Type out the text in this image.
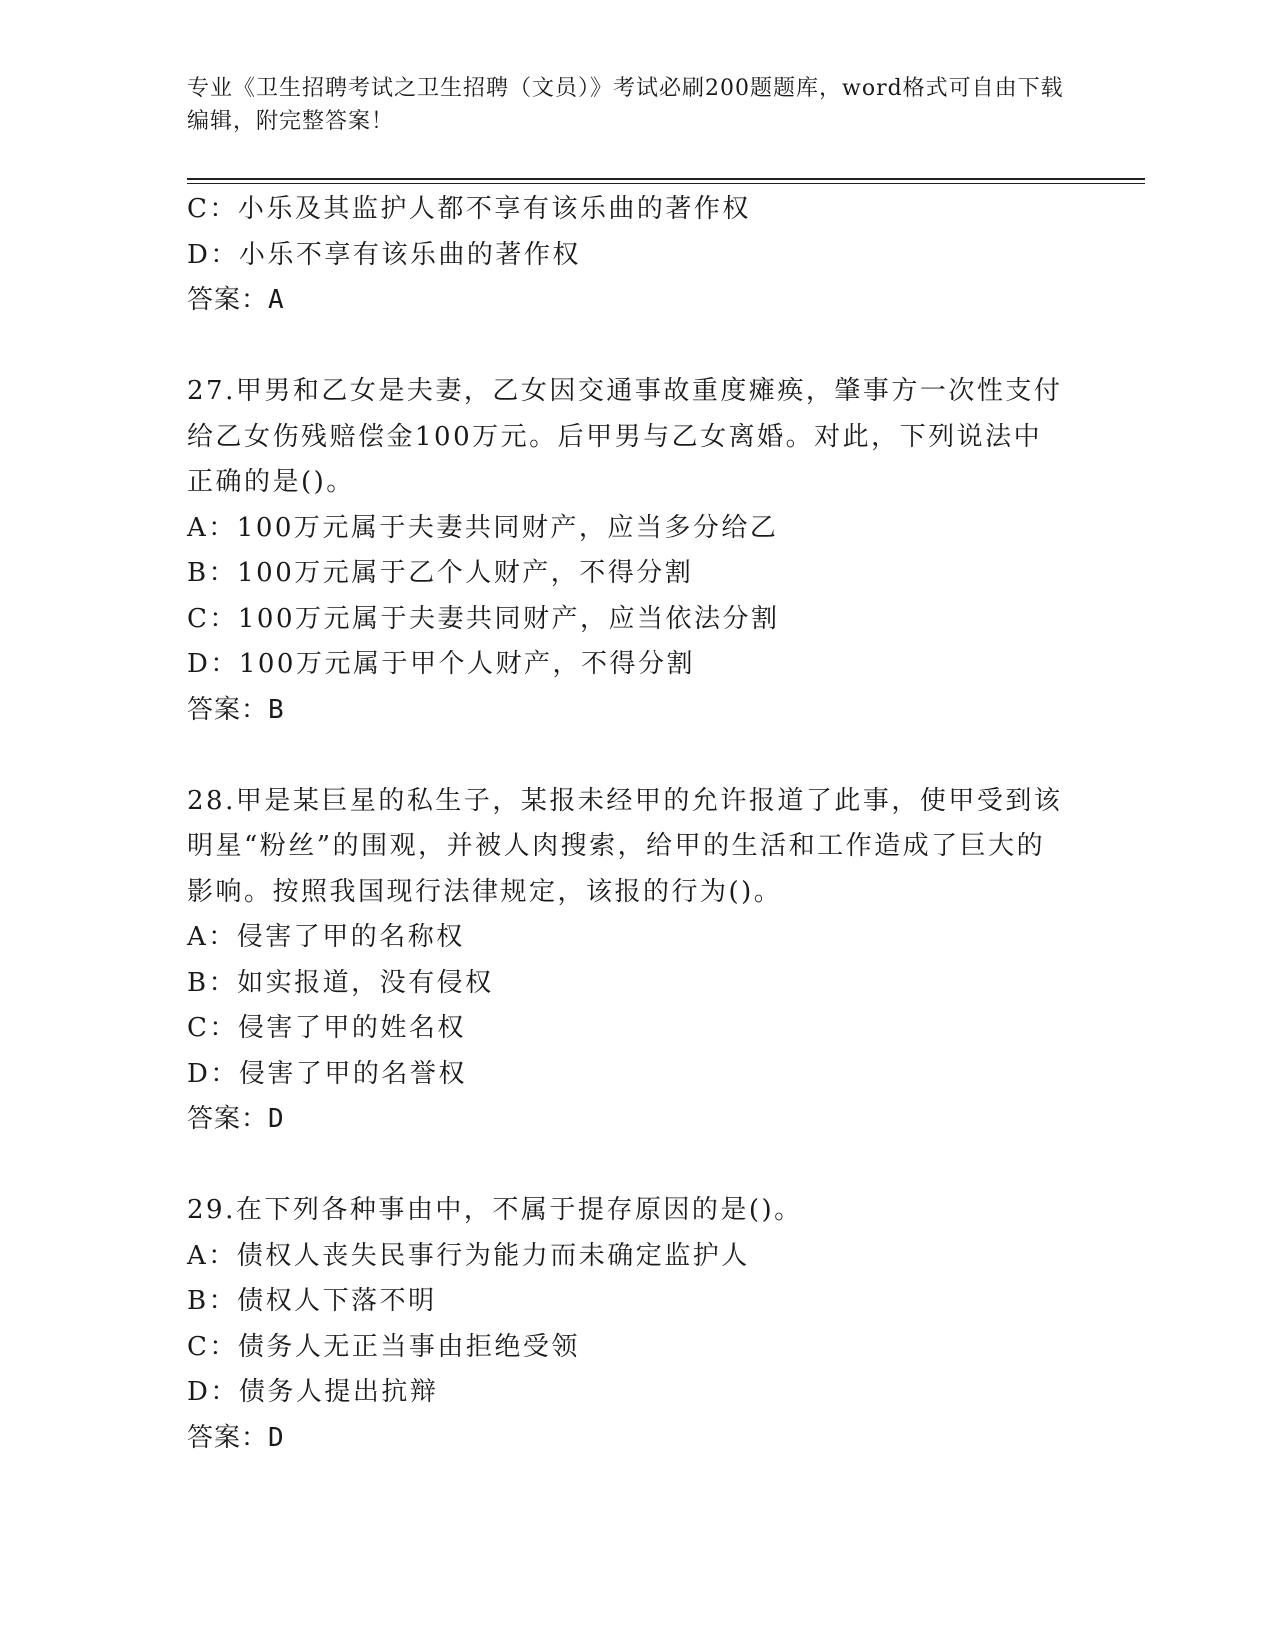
专业《卫生招聘考试之卫生招聘（文员）》考试必刷200题题库，word格式可自由下载编辑，附完整答案！
C：小乐及其监护人都不享有该乐曲的著作权
D：小乐不享有该乐曲的著作权
答案：A
27.甲男和乙女是夫妻，乙女因交通事故重度瘫痪，肇事方一次性支付给乙女伤残赔偿金100万元。后甲男与乙女离婚。对此，下列说法中正确的是()。
A：100万元属于夫妻共同财产，应当多分给乙
B：100万元属于乙个人财产，不得分割
C：100万元属于夫妻共同财产，应当依法分割
D：100万元属于甲个人财产，不得分割
答案：B
28.甲是某巨星的私生子，某报未经甲的允许报道了此事，使甲受到该明星“粉丝”的围观，并被人肉搜索，给甲的生活和工作造成了巨大的影响。按照我国现行法律规定，该报的行为()。
A：侵害了甲的名称权
B：如实报道，没有侵权
C：侵害了甲的姓名权
D：侵害了甲的名誉权
答案：D
29.在下列各种事由中，不属于提存原因的是()。
A：债权人丧失民事行为能力而未确定监护人
B：债权人下落不明
C：债务人无正当事由拒绝受领
D：债务人提出抗辩
答案：D
